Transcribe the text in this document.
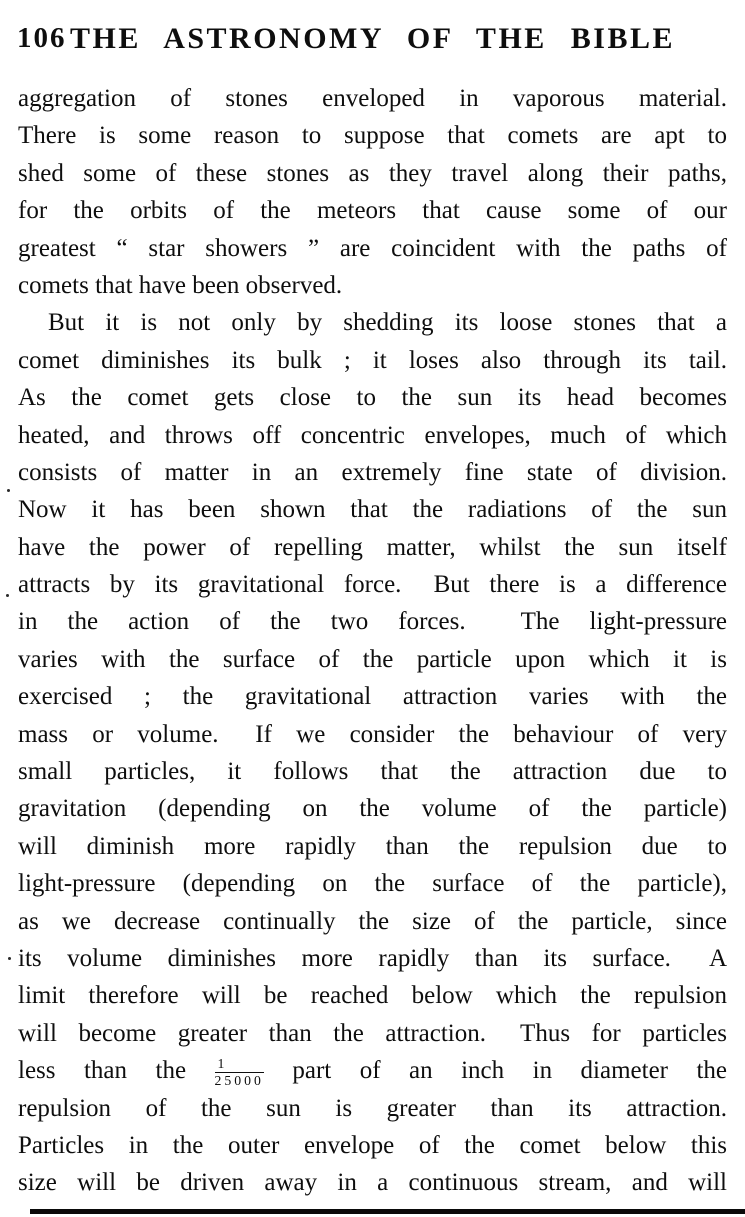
106 THE ASTRONOMY OF THE BIBLE
aggregation of stones enveloped in vaporous material.
There is some reason to suppose that comets are apt to
shed some of these stones as they travel along their paths,
for the orbits of the meteors that cause some of our
greatest “ star showers ” are coincident with the paths of
comets that have been observed.
But it is not only by shedding its loose stones that a
comet diminishes its bulk ; it loses also through its tail.
As the comet gets close to the sun its head becomes
heated, and throws off concentric envelopes, much of which
consists of matter in an extremely fine state of division.
Now it has been shown that the radiations of the sun
have the power of repelling matter, whilst the sun itself
attracts by its gravitational force.  But there is a difference
in the action of the two forces.  The light-pressure
varies with the surface of the particle upon which it is
exercised ; the gravitational attraction varies with the
mass or volume.  If we consider the behaviour of very
small particles, it follows that the attraction due to
gravitation (depending on the volume of the particle)
will diminish more rapidly than the repulsion due to
light-pressure (depending on the surface of the particle),
as we decrease continually the size of the particle, since
its volume diminishes more rapidly than its surface.  A
limit therefore will be reached below which the repulsion
will become greater than the attraction.  Thus for particles
less than the $\frac{1}{25000}$ part of an inch in diameter the
repulsion of the sun is greater than its attraction.
Particles in the outer envelope of the comet below this
size will be driven away in a continuous stream, and will
